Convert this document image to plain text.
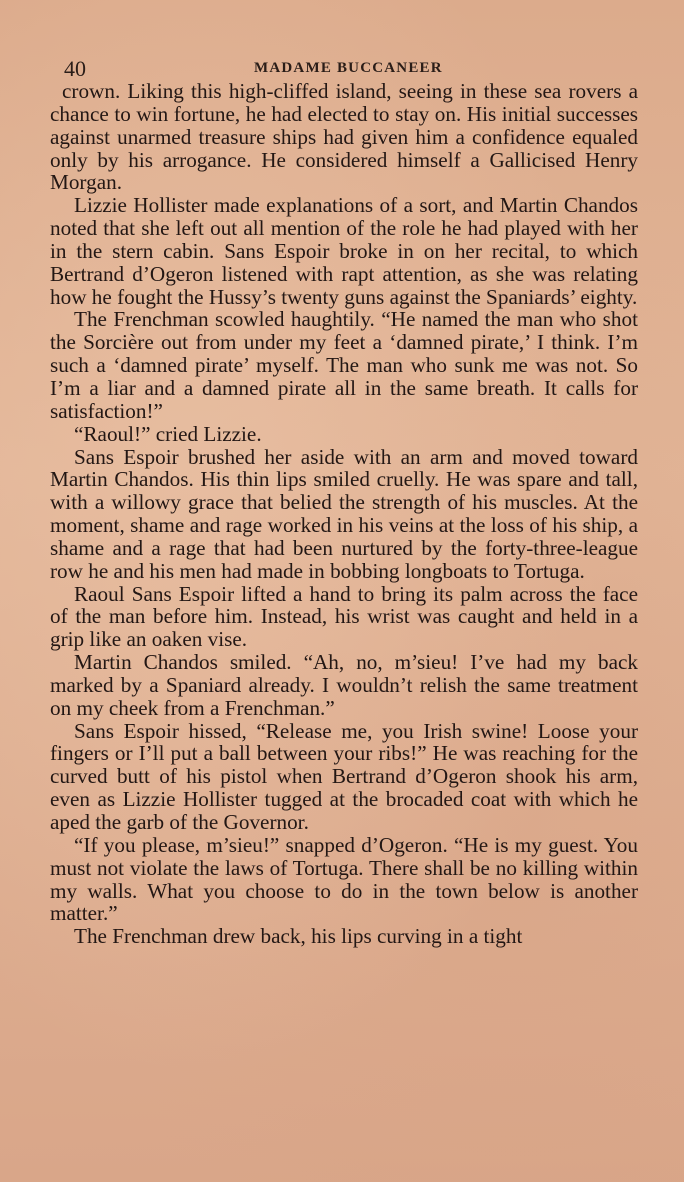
40	MADAME BUCCANEER

crown. Liking this high-cliffed island, seeing in these sea rovers a chance to win fortune, he had elected to stay on. His initial successes against unarmed treasure ships had given him a confidence equaled only by his arrogance. He considered himself a Gallicised Henry Morgan.

Lizzie Hollister made explanations of a sort, and Martin Chandos noted that she left out all mention of the role he had played with her in the stern cabin. Sans Espoir broke in on her recital, to which Bertrand d’Ogeron listened with rapt attention, as she was relating how he fought the Hussy’s twenty guns against the Spaniards’ eighty.

The Frenchman scowled haughtily. “He named the man who shot the Sorcière out from under my feet a ‘damned pirate,’ I think. I’m such a ‘damned pirate’ myself. The man who sunk me was not. So I’m a liar and a damned pirate all in the same breath. It calls for satisfaction!”

“Raoul!” cried Lizzie.

Sans Espoir brushed her aside with an arm and moved toward Martin Chandos. His thin lips smiled cruelly. He was spare and tall, with a willowy grace that belied the strength of his muscles. At the moment, shame and rage worked in his veins at the loss of his ship, a shame and a rage that had been nurtured by the forty-three-league row he and his men had made in bobbing longboats to Tortuga.

Raoul Sans Espoir lifted a hand to bring its palm across the face of the man before him. Instead, his wrist was caught and held in a grip like an oaken vise.

Martin Chandos smiled. “Ah, no, m’sieu! I’ve had my back marked by a Spaniard already. I wouldn’t relish the same treatment on my cheek from a Frenchman.”

Sans Espoir hissed, “Release me, you Irish swine! Loose your fingers or I’ll put a ball between your ribs!” He was reaching for the curved butt of his pistol when Bertrand d’Ogeron shook his arm, even as Lizzie Hollister tugged at the brocaded coat with which he aped the garb of the Governor.

“If you please, m’sieu!” snapped d’Ogeron. “He is my guest. You must not violate the laws of Tortuga. There shall be no killing within my walls. What you choose to do in the town below is another matter.”

The Frenchman drew back, his lips curving in a tight
